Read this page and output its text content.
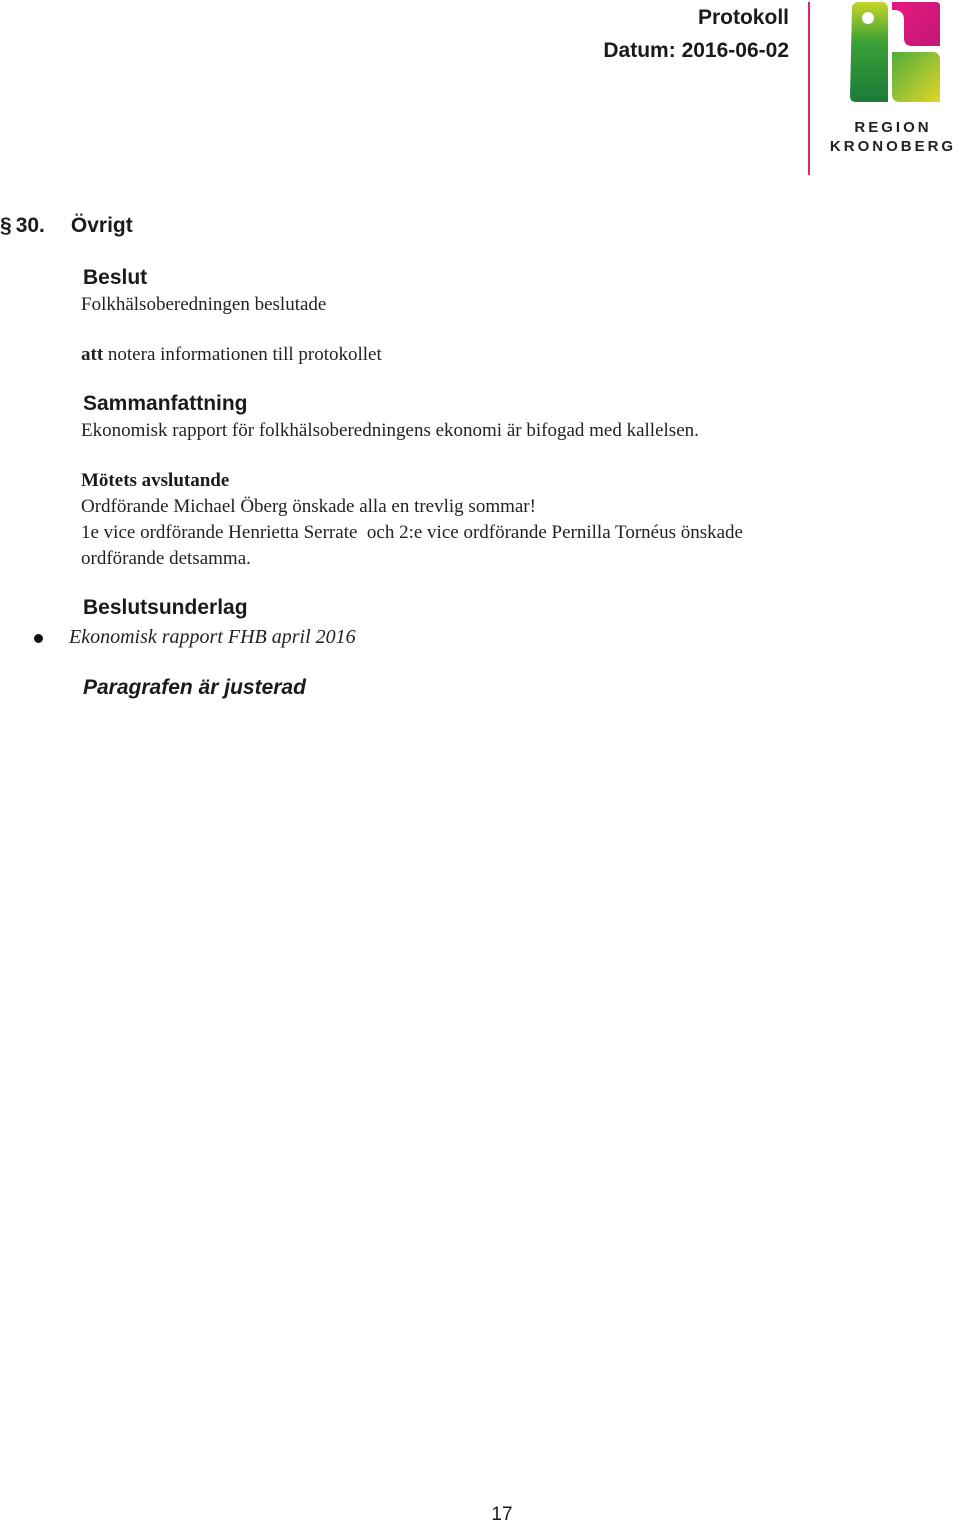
Protokoll
Datum: 2016-06-02
REGION
KRONOBERG
§ 30. Övrigt
Beslut
Folkhälsoberedningen beslutade
att notera informationen till protokollet
Sammanfattning
Ekonomisk rapport för folkhälsoberedningens ekonomi är bifogad med kallelsen.
Mötets avslutande
Ordförande Michael Öberg önskade alla en trevlig sommar!
1e vice ordförande Henrietta Serrate  och 2:e vice ordförande Pernilla Tornéus önskade
ordförande detsamma.
Beslutsunderlag
Ekonomisk rapport FHB april 2016
Paragrafen är justerad
17
